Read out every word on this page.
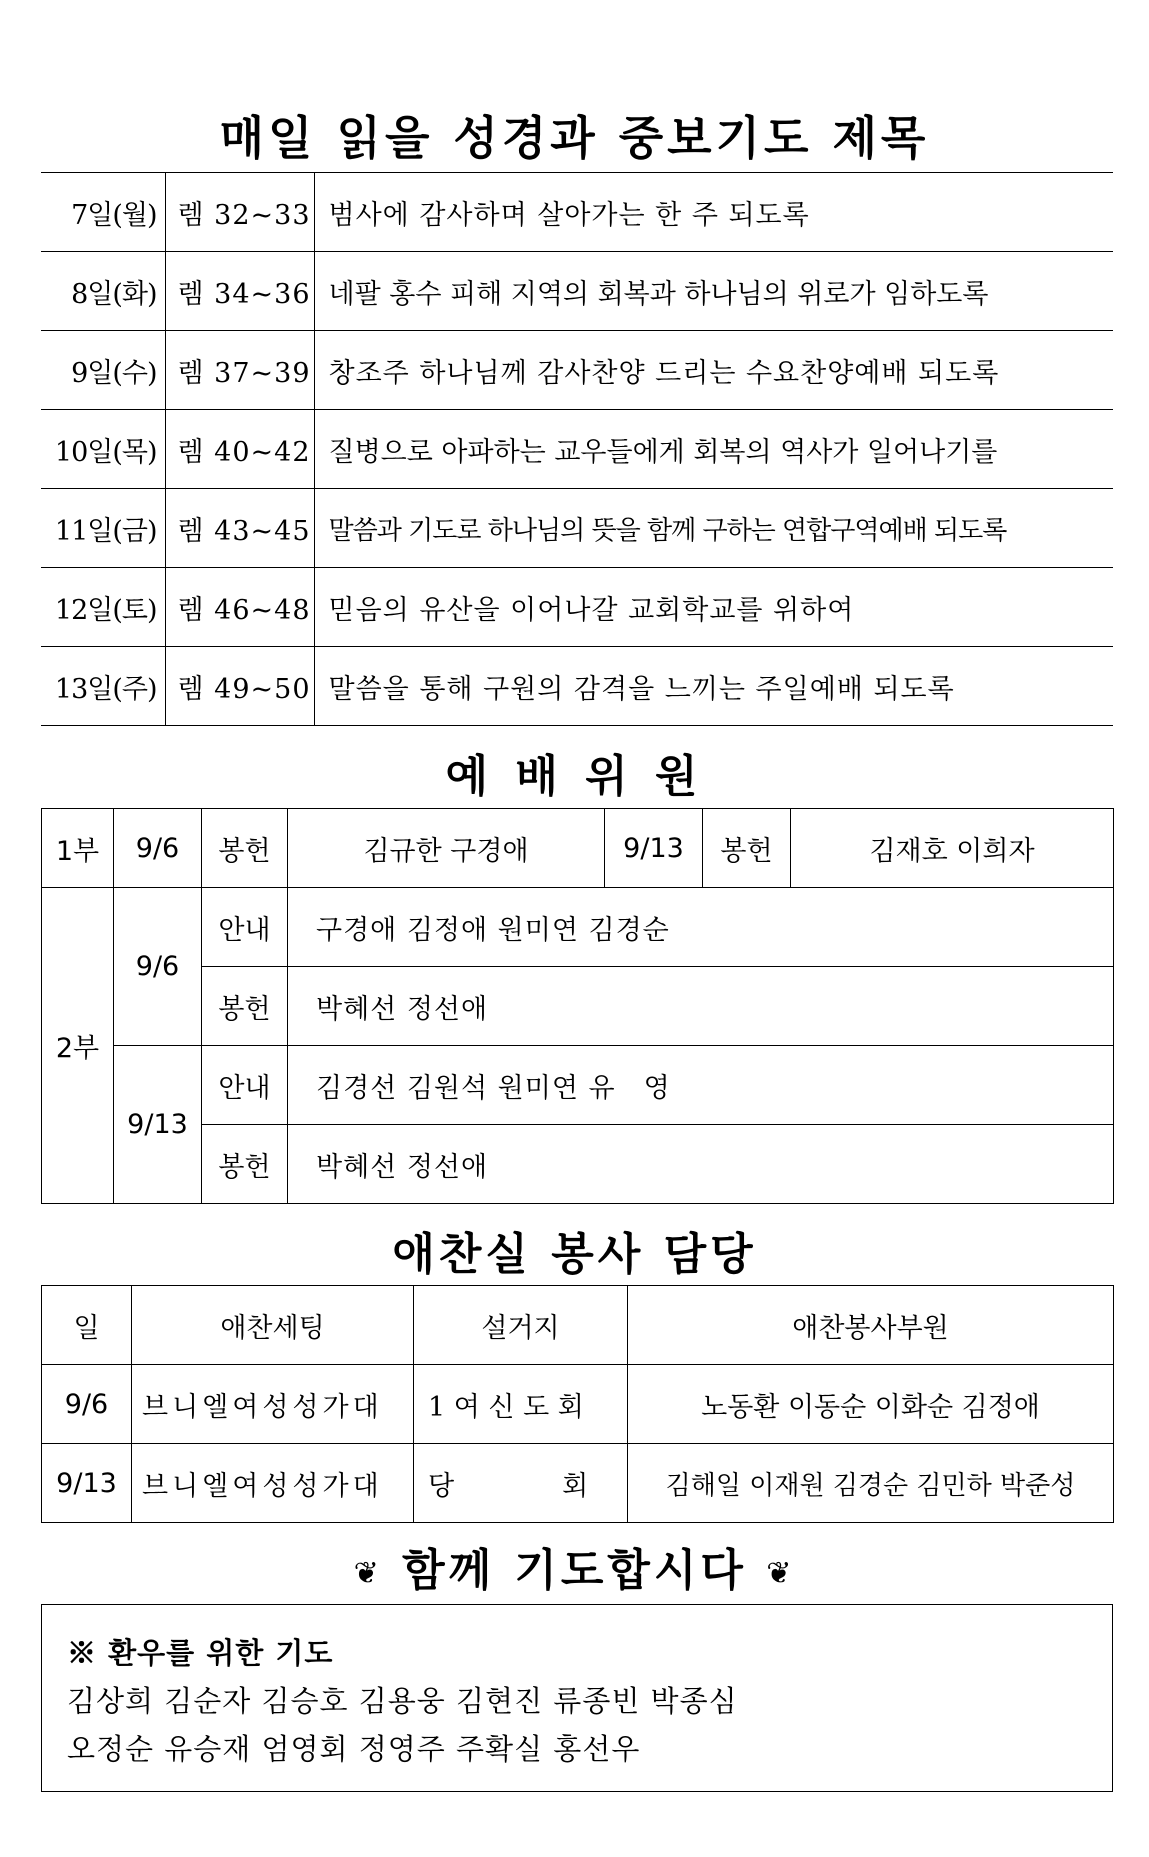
매일 읽을 성경과 중보기도 제목
7일(월)	렘 32~33	범사에 감사하며 살아가는 한 주 되도록
8일(화)	렘 34~36	네팔 홍수 피해 지역의 회복과 하나님의 위로가 임하도록
9일(수)	렘 37~39	창조주 하나님께 감사찬양 드리는 수요찬양예배 되도록
10일(목)	렘 40~42	질병으로 아파하는 교우들에게 회복의 역사가 일어나기를
11일(금)	렘 43~45	말씀과 기도로 하나님의 뜻을 함께 구하는 연합구역예배 되도록
12일(토)	렘 46~48	믿음의 유산을 이어나갈 교회학교를 위하여
13일(주)	렘 49~50	말씀을 통해 구원의 감격을 느끼는 주일예배 되도록
예 배 위 원
1부	9/6	봉헌	김규한 구경애	9/13	봉헌	김재호 이희자
2부	9/6	안내	구경애 김정애 원미연 김경순			
		봉헌	박혜선 정선애			
	9/13	안내	김경선 김원석 원미연 유　영			
		봉헌	박혜선 정선애			
애찬실 봉사 담당
일	애찬세팅	설거지	애찬봉사부원
9/6	브니엘여성성가대	1 여 신 도 회	노동환 이동순 이화순 김정애
9/13	브니엘여성성가대	당　　　　회	김해일 이재원 김경순 김민하 박준성
❦ 함께 기도합시다 ❦
※ 환우를 위한 기도
김상희 김순자 김승호 김용웅 김현진 류종빈 박종심
오정순 유승재 엄영회 정영주 주확실 홍선우
